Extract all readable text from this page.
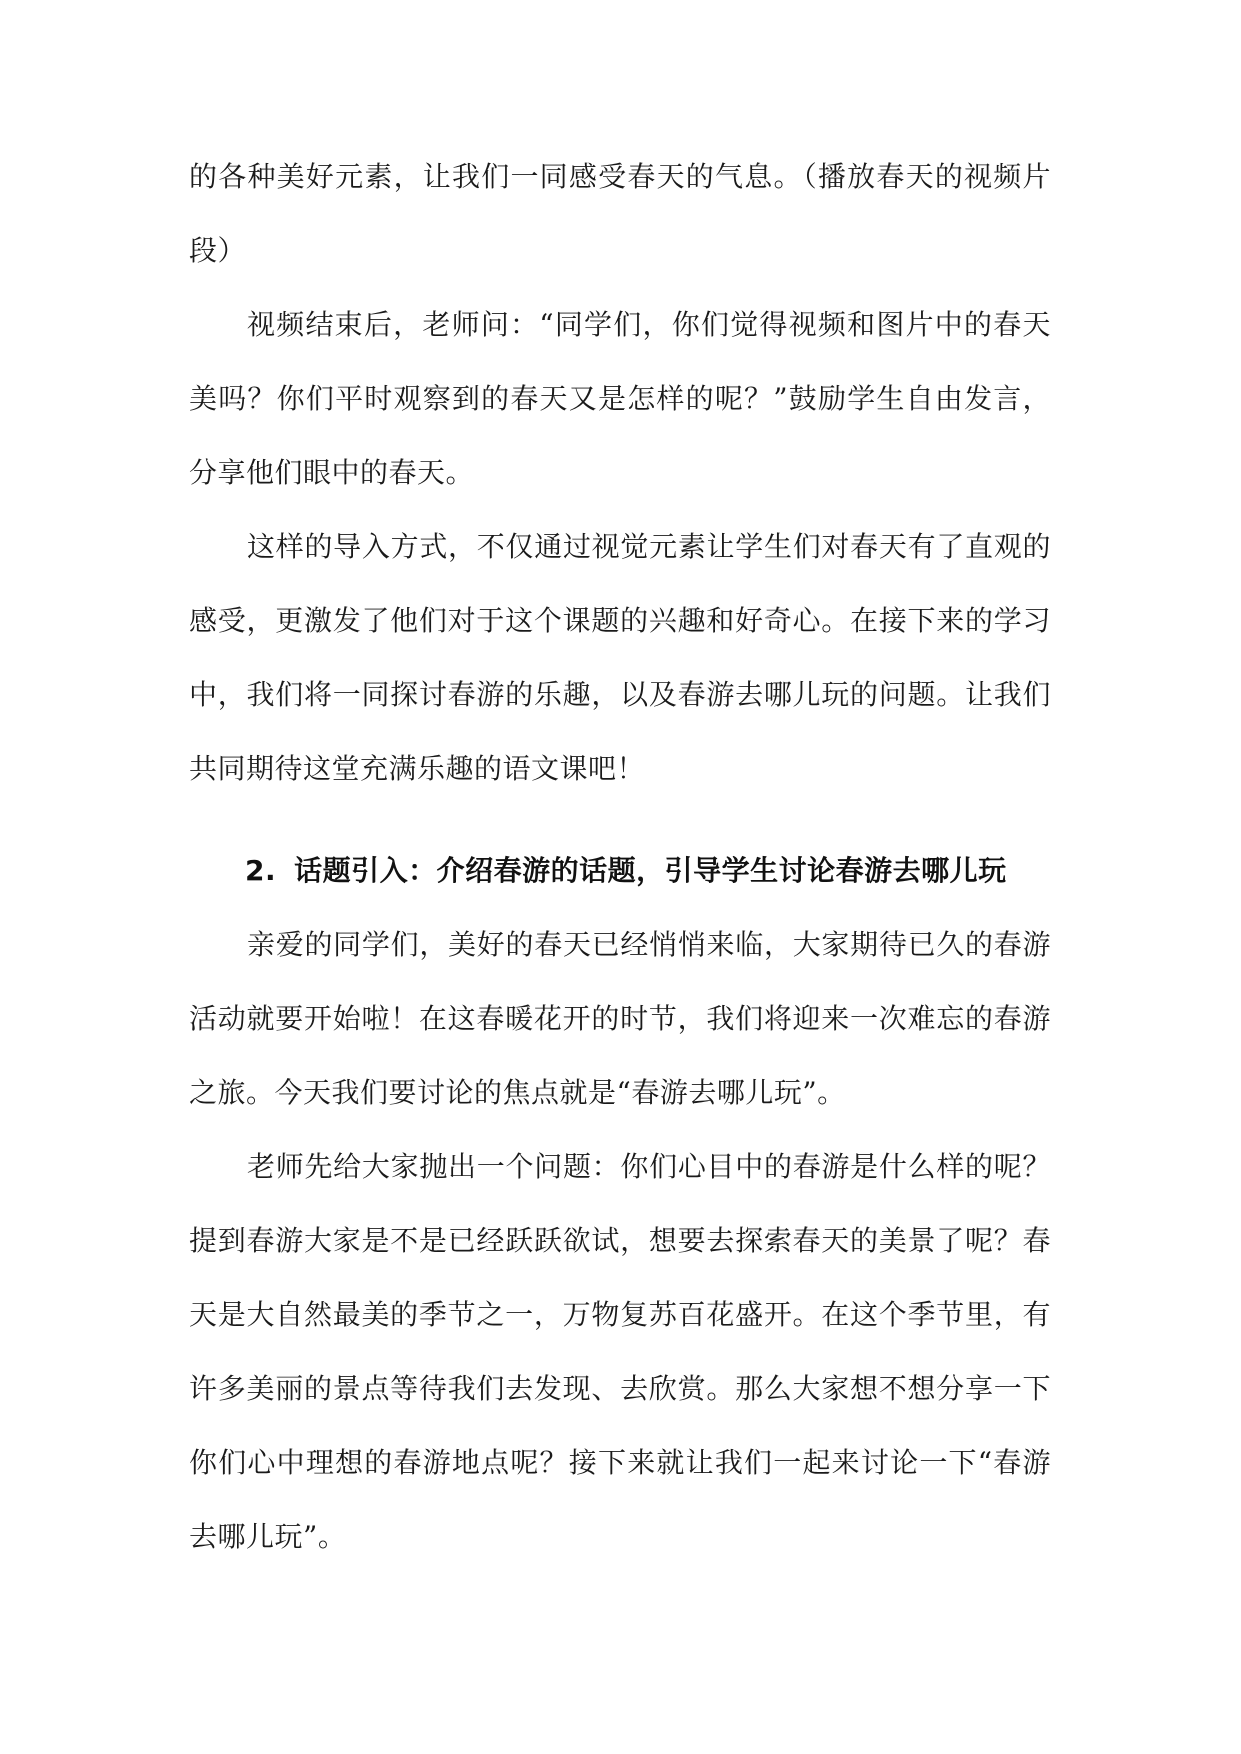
的各种美好元素，让我们一同感受春天的气息。（播放春天的视频片段）

视频结束后，老师问：“同学们，你们觉得视频和图片中的春天美吗？你们平时观察到的春天又是怎样的呢？”鼓励学生自由发言，分享他们眼中的春天。

这样的导入方式，不仅通过视觉元素让学生们对春天有了直观的感受，更激发了他们对于这个课题的兴趣和好奇心。在接下来的学习中，我们将一同探讨春游的乐趣，以及春游去哪儿玩的问题。让我们共同期待这堂充满乐趣的语文课吧！

2. 话题引入：介绍春游的话题，引导学生讨论春游去哪儿玩

亲爱的同学们，美好的春天已经悄悄来临，大家期待已久的春游活动就要开始啦！在这春暖花开的时节，我们将迎来一次难忘的春游之旅。今天我们要讨论的焦点就是“春游去哪儿玩”。

老师先给大家抛出一个问题：你们心目中的春游是什么样的呢？提到春游大家是不是已经跃跃欲试，想要去探索春天的美景了呢？春天是大自然最美的季节之一，万物复苏百花盛开。在这个季节里，有许多美丽的景点等待我们去发现、去欣赏。那么大家想不想分享一下你们心中理想的春游地点呢？接下来就让我们一起来讨论一下“春游去哪儿玩”。
